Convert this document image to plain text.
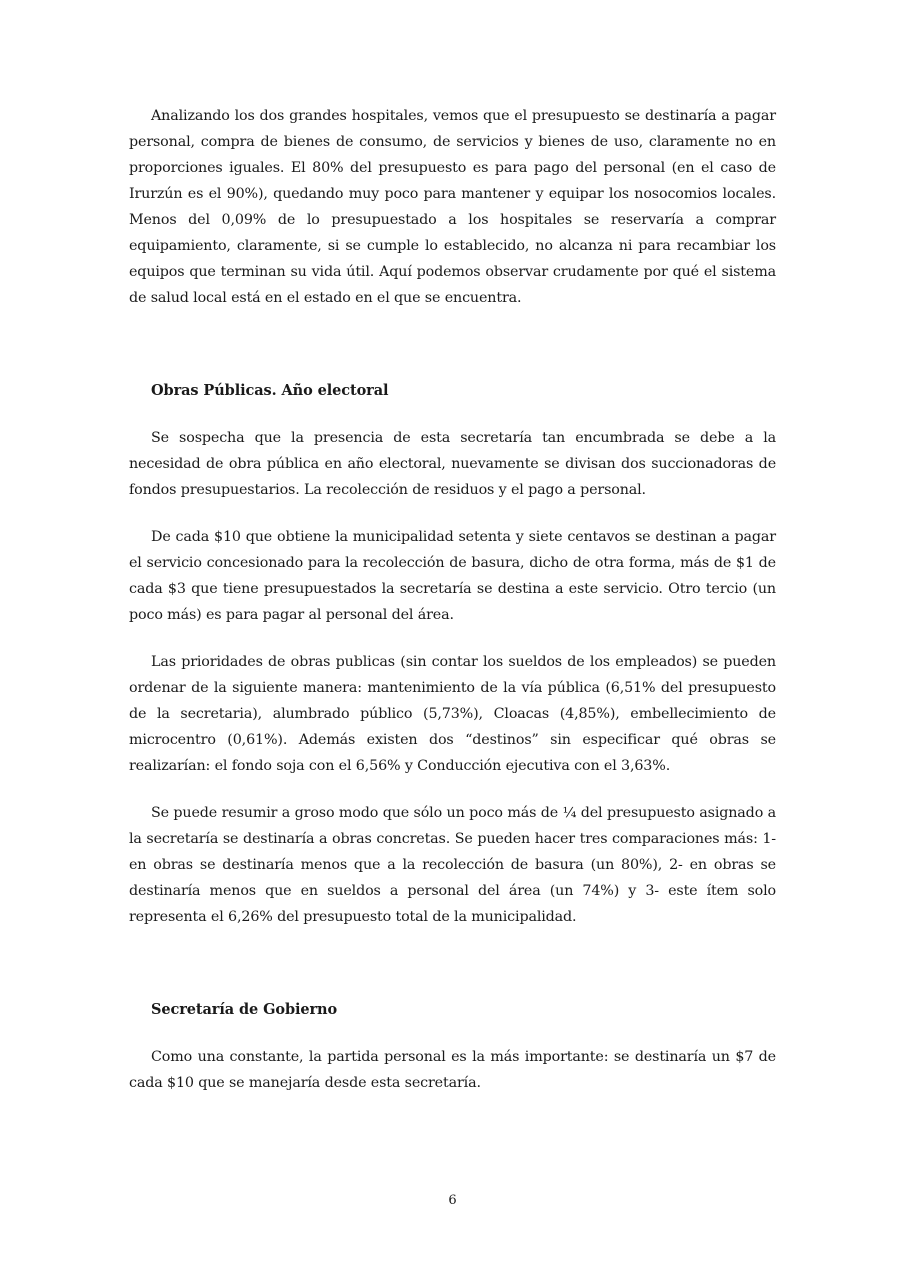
Analizando los dos grandes hospitales, vemos que el presupuesto se destinaría a pagar personal, compra de bienes de consumo, de servicios y bienes de uso, claramente no en proporciones iguales. El 80% del presupuesto es para pago del personal (en el caso de Irurzún es el 90%), quedando muy poco para mantener y equipar los nosocomios locales. Menos del 0,09% de lo presupuestado a los hospitales se reservaría a comprar equipamiento, claramente, si se cumple lo establecido, no alcanza ni para recambiar los equipos que terminan su vida útil. Aquí podemos observar crudamente por qué el sistema de salud local está en el estado en el que se encuentra.

Obras Públicas. Año electoral

Se sospecha que la presencia de esta secretaría tan encumbrada se debe a la necesidad de obra pública en año electoral, nuevamente se divisan dos succionadoras de fondos presupuestarios. La recolección de residuos y el pago a personal.

De cada $10 que obtiene la municipalidad setenta y siete centavos se destinan a pagar el servicio concesionado para la recolección de basura, dicho de otra forma, más de $1 de cada $3 que tiene presupuestados la secretaría se destina a este servicio. Otro tercio (un poco más) es para pagar al personal del área.

Las prioridades de obras publicas (sin contar los sueldos de los empleados) se pueden ordenar de la siguiente manera: mantenimiento de la vía pública (6,51% del presupuesto de la secretaria), alumbrado público (5,73%), Cloacas (4,85%), embellecimiento de microcentro (0,61%). Además existen dos “destinos” sin especificar qué obras se realizarían: el fondo soja con el 6,56% y Conducción ejecutiva con el 3,63%.

Se puede resumir a groso modo que sólo un poco más de ¼ del presupuesto asignado a la secretaría se destinaría a obras concretas. Se pueden hacer tres comparaciones más: 1- en obras se destinaría menos que a la recolección de basura (un 80%), 2- en obras se destinaría menos que en sueldos a personal del área (un 74%) y 3- este ítem solo representa el 6,26% del presupuesto total de la municipalidad.

Secretaría de Gobierno

Como una constante, la partida personal es la más importante: se destinaría un $7 de cada $10 que se manejaría desde esta secretaría.

6
